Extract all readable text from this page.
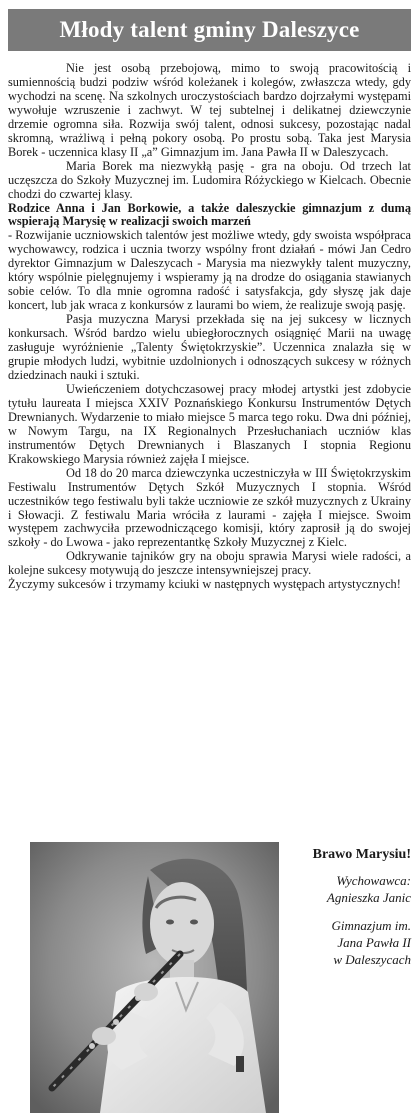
Młody talent gminy Daleszyce

Nie jest osobą przebojową, mimo to swoją pracowitością i sumiennością budzi podziw wśród koleżanek i kolegów, zwłaszcza wtedy, gdy wychodzi na scenę. Na szkolnych uroczystościach bardzo dojrzałymi występami wywołuje wzruszenie i zachwyt. W tej subtelnej i delikatnej dziewczynie drzemie ogromna siła. Rozwija swój talent, odnosi sukcesy, pozostając nadal skromną, wrażliwą i pełną pokory osobą. Po prostu sobą. Taka jest Marysia Borek - uczennica klasy II „a” Gimnazjum im. Jana Pawła II w Daleszycach.

Maria Borek ma niezwykłą pasję - gra na oboju. Od trzech lat uczęszcza do Szkoły Muzycznej im. Ludomira Różyckiego w Kielcach. Obecnie chodzi do czwartej klasy.

Rodzice Anna i Jan Borkowie, a także daleszyckie gimnazjum z dumą wspierają Marysię w realizacji swoich marzeń

- Rozwijanie uczniowskich talentów jest możliwe wtedy, gdy swoista współpraca wychowawcy, rodzica i ucznia tworzy wspólny front działań - mówi Jan Cedro dyrektor Gimnazjum w Daleszycach - Marysia ma niezwykły talent muzyczny, który wspólnie pielęgnujemy i wspieramy ją na drodze do osiągania stawianych sobie celów. To dla mnie ogromna radość i satysfakcja, gdy słyszę jak daje koncert, lub jak wraca z konkursów z laurami bo wiem, że realizuje swoją pasję.

Pasja muzyczna Marysi przekłada się na jej sukcesy w licznych konkursach. Wśród bardzo wielu ubiegłorocznych osiągnięć Marii na uwagę zasługuje wyróżnienie „Talenty Świętokrzyskie”. Uczennica znalazła się w grupie młodych ludzi, wybitnie uzdolnionych i odnoszących sukcesy w różnych dziedzinach nauki i sztuki.

Uwieńczeniem dotychczasowej pracy młodej artystki jest zdobycie tytułu laureata I miejsca XXIV Poznańskiego Konkursu Instrumentów Dętych Drewnianych. Wydarzenie to miało miejsce 5 marca tego roku. Dwa dni później, w Nowym Targu, na IX Regionalnych Przesłuchaniach uczniów klas instrumentów Dętych Drewnianych i Blaszanych I stopnia Regionu Krakowskiego Marysia również zajęła I miejsce.

Od 18 do 20 marca dziewczynka uczestniczyła w III Świętokrzyskim Festiwalu Instrumentów Dętych Szkół Muzycznych I stopnia. Wśród uczestników tego festiwalu byli także uczniowie ze szkół muzycznych z Ukrainy i Słowacji. Z festiwalu Maria wróciła z laurami - zajęła I miejsce. Swoim występem zachwyciła przewodniczącego komisji, który zaprosił ją do swojej szkoły - do Lwowa - jako reprezentantkę Szkoły Muzycznej z Kielc.

Odkrywanie tajników gry na oboju sprawia Marysi wiele radości, a kolejne sukcesy motywują do jeszcze intensywniejszej pracy.

Życzymy sukcesów i trzymamy kciuki w następnych występach artystycznych!

Brawo Marysiu!
Wychowawca:
Agnieszka Janic
Gimnazjum im.
Jana Pawła II
w Daleszycach
